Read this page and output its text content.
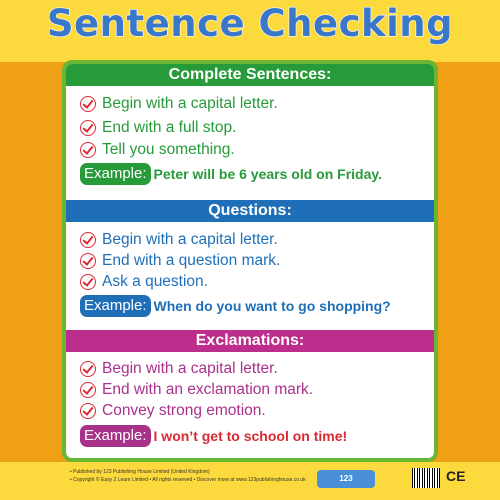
Sentence Checking
Complete Sentences:
Begin with a capital letter.
End with a full stop.
Tell you something.
Example: Peter will be 6 years old on Friday.
Questions:
Begin with a capital letter.
End with a question mark.
Ask a question.
Example: When do you want to go shopping?
Exclamations:
Begin with a capital letter.
End with an exclamation mark.
Convey strong emotion.
Example: I won’t get to school on time!
• Published by 123 Publishing House Limited (United Kingdom)
• Copyright © Easy 2 Learn Limited • All rights reserved • Discover more at www.123publishinghouse.co.uk	123	CE
